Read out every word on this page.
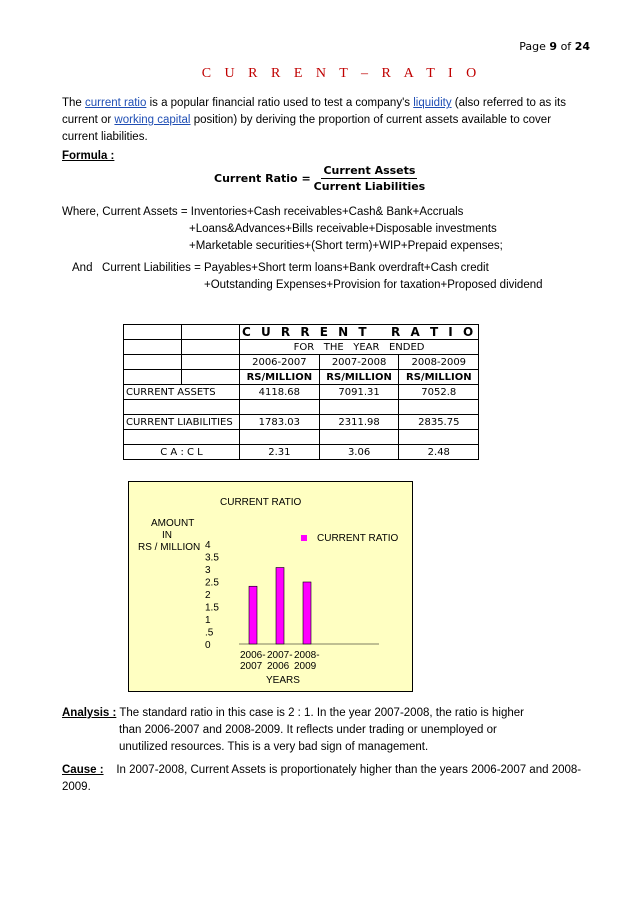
Page 9 of 24
C U R R E N T – R A T I O
The current ratio is a popular financial ratio used to test a company's liquidity (also referred to as its current or working capital position) by deriving the proportion of current assets available to cover current liabilities.
Formula :
Current Ratio = $\frac{\text{Current Assets}}{\text{Current Liabilities}}$
Where, Current Assets = Inventories+Cash receivables+Cash& Bank+Accruals
+Loans&Advances+Bills receivable+Disposable investments
+Marketable securities+(Short term)+WIP+Prepaid expenses;
And   Current Liabilities = Payables+Short term loans+Bank overdraft+Cash credit
+Outstanding Expenses+Provision for taxation+Proposed dividend
		C U R R E N T   R A T I O		
		FOR   THE   YEAR   ENDED		
		2006-2007	2007-2008	2008-2009
		RS/MILLION	RS/MILLION	RS/MILLION
CURRENT ASSETS		4118.68	7091.31	7052.8

CURRENT LIABILITIES		1783.03	2311.98	2835.75

C A : C L		2.31	3.06	2.48
CURRENT RATIO
AMOUNT
IN
RS / MILLION
CURRENT RATIO
0
.5
1
1.5
2
2.5
3
3.5
4
2006-
2007
2007-
2006
2008-
2009
YEARS
Analysis : The standard ratio in this case is 2 : 1. In the year 2007-2008, the ratio is higher
than 2006-2007 and 2008-2009. It reflects under trading or unemployed or
unutilized resources. This is a very bad sign of management.
Cause :    In 2007-2008, Current Assets is proportionately higher than the years 2006-2007 and 2008-2009.
